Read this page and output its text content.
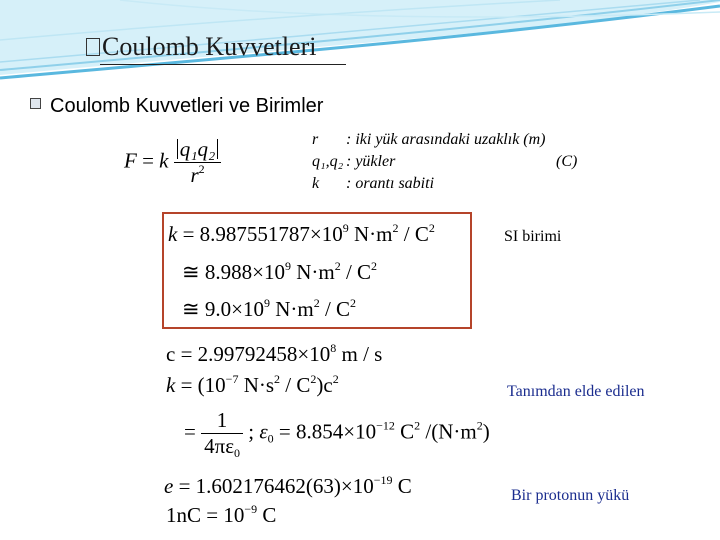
Coulomb Kuvvetleri
Coulomb Kuvvetleri ve Birimler
F = k $\frac{\text{q₁q₂}}{r^2}$	r : iki yük arasındaki uzaklık (m)
q₁,q₂ : yükler	(C)
k : orantı sabiti
$k = 8.987551787\times 10^9$ $N\cdot m^2 / C^2$
≅ $8.988\times 10^9$ $N\cdot m^2 / C^2$
≅ $9.0\times 10^9$ $N\cdot m^2 / C^2$
SI birimi
$c = 2.99792458\times 10^8$ m / s
$k = (10^{-7}$ $N\cdot s^2 / C^2)c^2$
Tanımdan elde edilen
= $\frac{1}{4\pi\varepsilon_0}$ ; $\varepsilon_0 = 8.854\times 10^{-12}$ $C^2$ $/(N\cdot m^2)$
$e = 1.602176462(63)\times 10^{-19}$ C	Bir protonun yükü
$1nC = 10^{-9}$ C
